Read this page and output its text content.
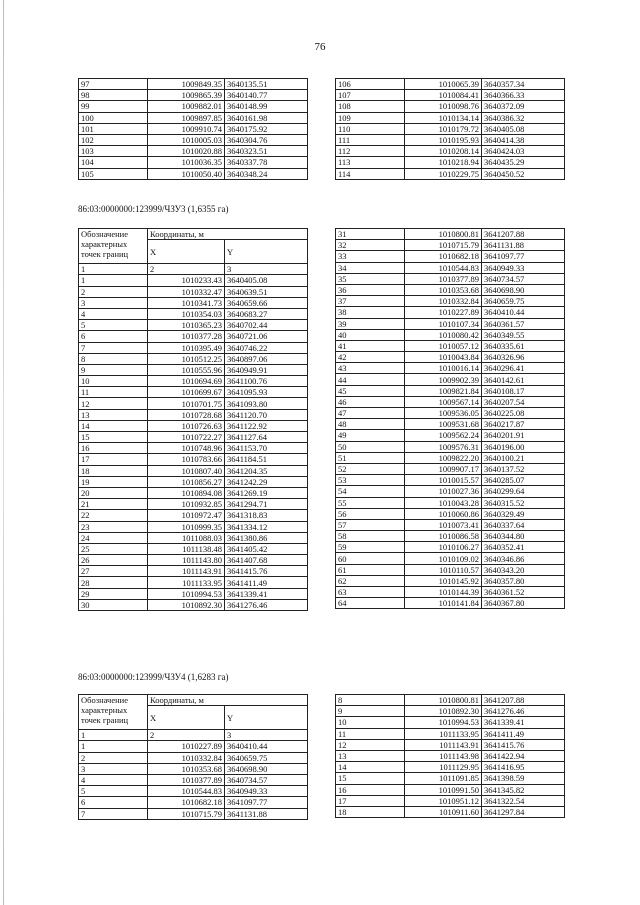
76
97	1009849.35	3640135.51
98	1009865.39	3640140.77
99	1009882.01	3640148.99
100	1009897.85	3640161.98
101	1009910.74	3640175.92
102	1010005.03	3640304.76
103	1010020.88	3640323.51
104	1010036.35	3640337.78
105	1010050.40	3640348.24
106	1010065.39	3640357.34
107	1010084.41	3640366.33
108	1010098.76	3640372.09
109	1010134.14	3640386.32
110	1010179.72	3640405.08
111	1010195.93	3640414.38
112	1010208.14	3640424.03
113	1010218.94	3640435.29
114	1010229.75	3640450.52
86:03:0000000:123999/ЧЗУ3 (1,6355 га)
Обозначение
характерных
точек границ	Координаты, м	
	X	Y
1	2	3
1	1010233.43	3640405.08
2	1010332.47	3640639.51
3	1010341.73	3640659.66
4	1010354.03	3640683.27
5	1010365.23	3640702.44
6	1010377.28	3640721.06
7	1010395.49	3640746.22
8	1010512.25	3640897.06
9	1010555.96	3640949.91
10	1010694.69	3641100.76
11	1010699.67	3641095.93
12	1010701.75	3641093.80
13	1010728.68	3641120.70
14	1010726.63	3641122.92
15	1010722.27	3641127.64
16	1010748.96	3641153.70
17	1010783.66	3641184.51
18	1010807.40	3641204.35
19	1010856.27	3641242.29
20	1010894.08	3641269.19
21	1010932.85	3641294.71
22	1010972.47	3641318.83
23	1010999.35	3641334.12
24	1011088.03	3641380.86
25	1011138.48	3641405.42
26	1011143.80	3641407.68
27	1011143.91	3641415.76
28	1011133.95	3641411.49
29	1010994.53	3641339.41
30	1010892.30	3641276.46
31	1010800.81	3641207.88
32	1010715.79	3641131.88
33	1010682.18	3641097.77
34	1010544.83	3640949.33
35	1010377.89	3640734.57
36	1010353.68	3640698.90
37	1010332.84	3640659.75
38	1010227.89	3640410.44
39	1010107.34	3640361.57
40	1010080.42	3640349.55
41	1010057.12	3640335.61
42	1010043.84	3640326.96
43	1010016.14	3640296.41
44	1009902.39	3640142.61
45	1009821.84	3640108.17
46	1009567.14	3640207.54
47	1009536.05	3640225.08
48	1009531.68	3640217.87
49	1009562.24	3640201.91
50	1009576.31	3640196.00
51	1009822.20	3640100.21
52	1009907.17	3640137.52
53	1010015.57	3640285.07
54	1010027.36	3640299.64
55	1010043.28	3640315.52
56	1010060.86	3640329.49
57	1010073.41	3640337.64
58	1010086.58	3640344.80
59	1010106.27	3640352.41
60	1010109.02	3640346.86
61	1010110.57	3640343.20
62	1010145.92	3640357.80
63	1010144.39	3640361.52
64	1010141.84	3640367.80
86:03:0000000:123999/ЧЗУ4 (1,6283 га)
Обозначение
характерных
точек границ	Координаты, м	
	X	Y
1	2	3
1	1010227.89	3640410.44
2	1010332.84	3640659.75
3	1010353.68	3640698.90
4	1010377.89	3640734.57
5	1010544.83	3640949.33
6	1010682.18	3641097.77
7	1010715.79	3641131.88
8	1010800.81	3641207.88
9	1010892.30	3641276.46
10	1010994.53	3641339.41
11	1011133.95	3641411.49
12	1011143.91	3641415.76
13	1011143.98	3641422.94
14	1011129.95	3641416.95
15	1011091.85	3641398.59
16	1010991.50	3641345.82
17	1010951.12	3641322.54
18	1010911.60	3641297.84
